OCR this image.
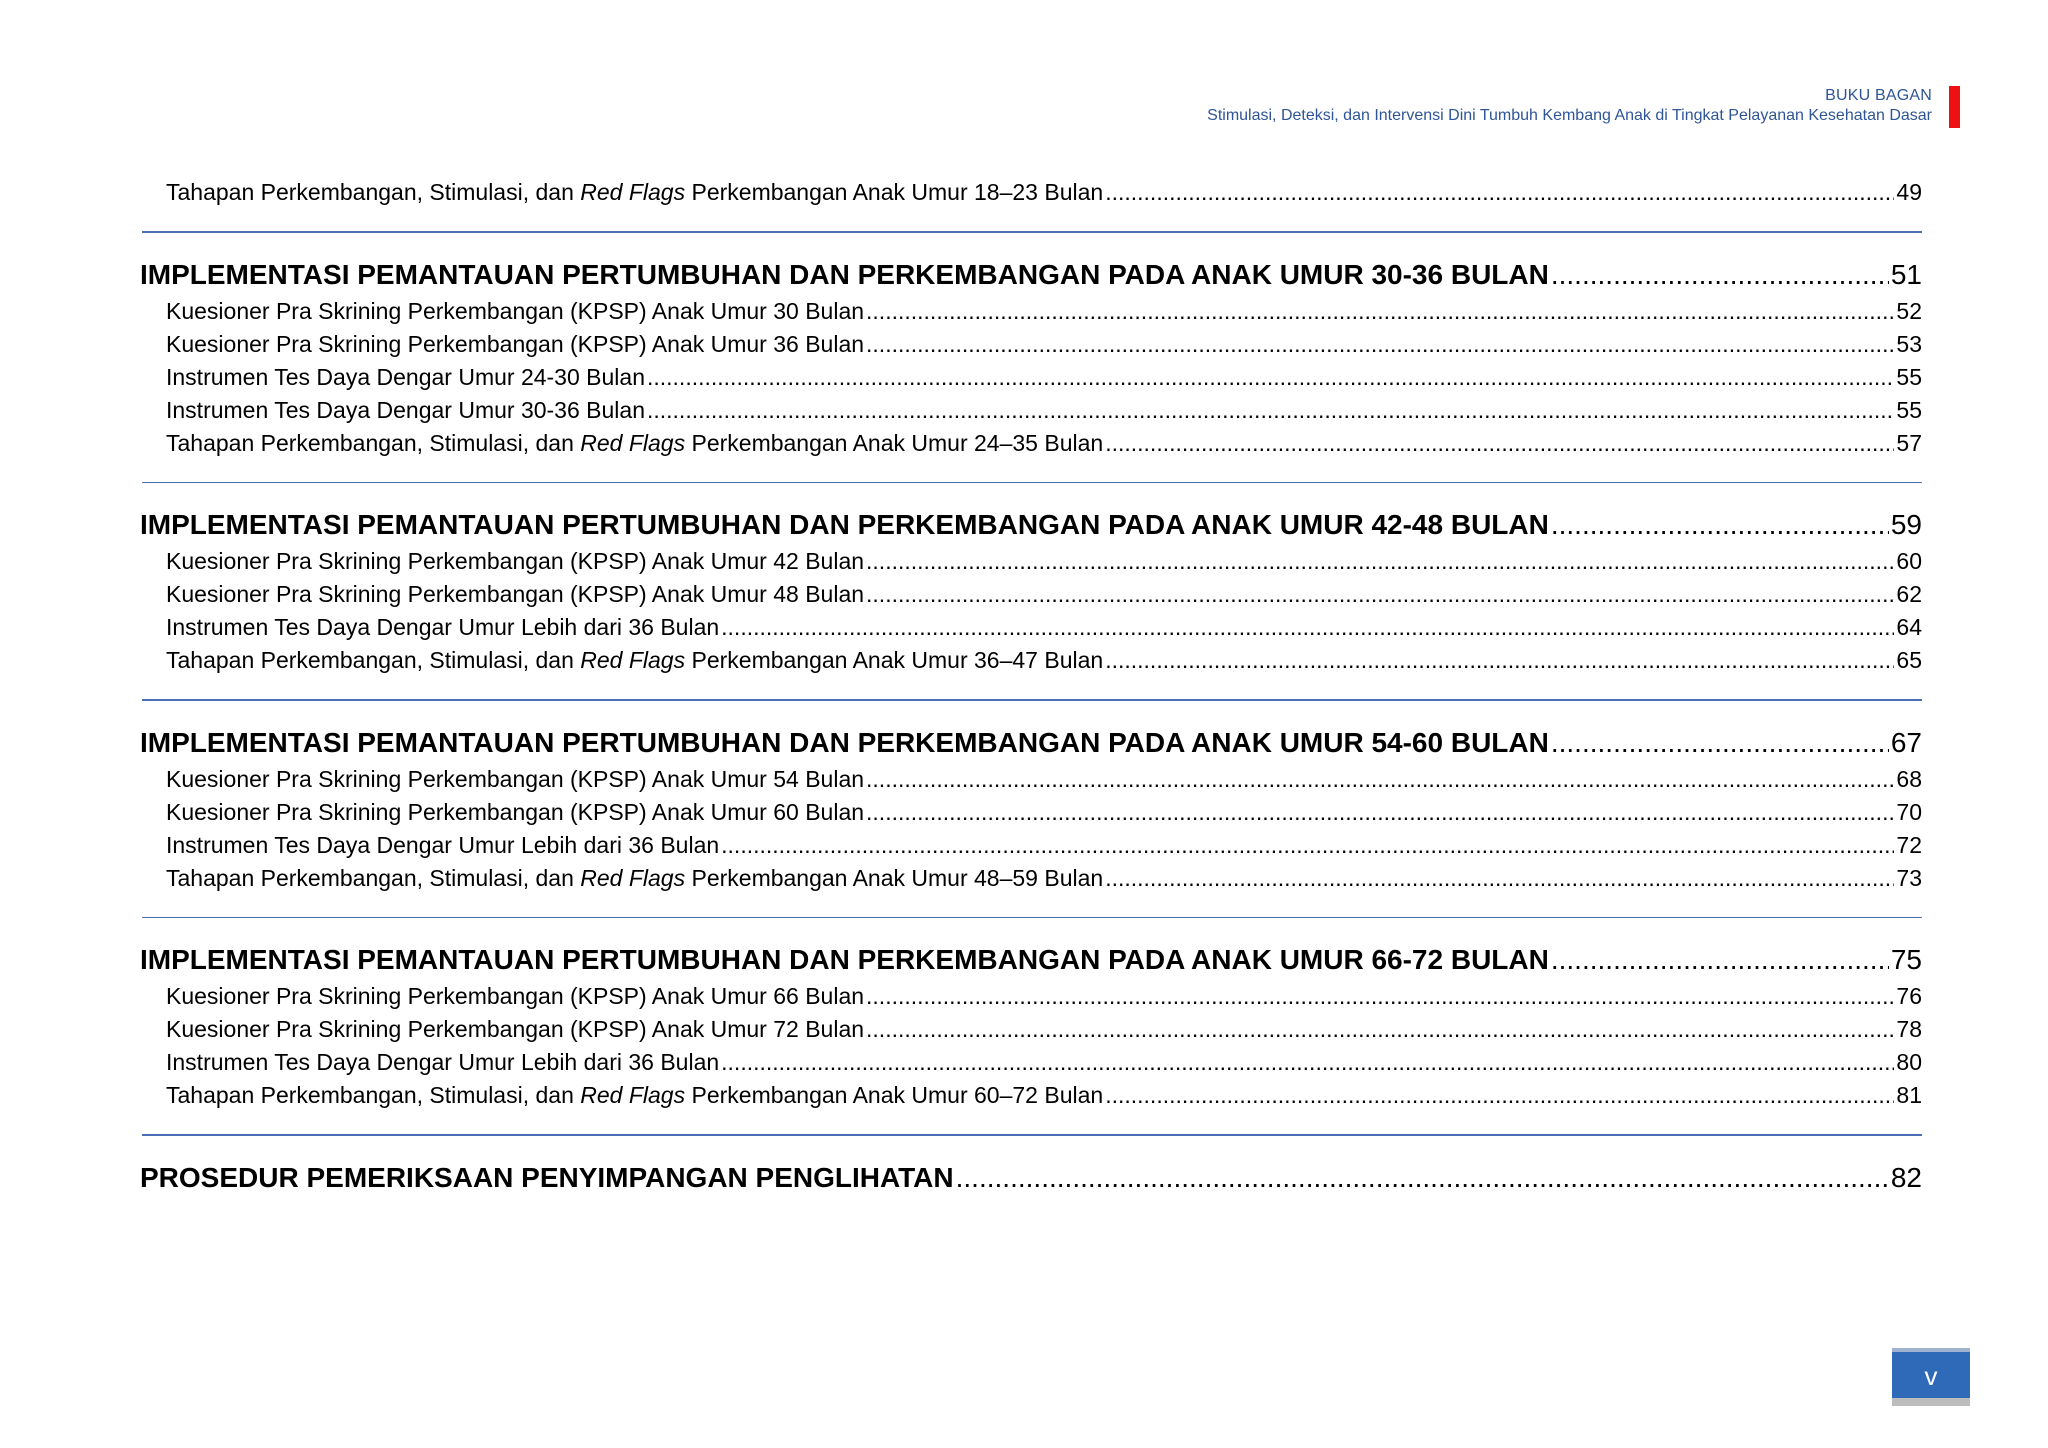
BUKU BAGAN
Stimulasi, Deteksi, dan Intervensi Dini Tumbuh Kembang Anak di Tingkat Pelayanan Kesehatan Dasar
Tahapan Perkembangan, Stimulasi, dan Red Flags Perkembangan Anak Umur 18–23 Bulan .....	49
IMPLEMENTASI PEMANTAUAN PERTUMBUHAN DAN PERKEMBANGAN PADA ANAK UMUR 30-36 BULAN .....	51
Kuesioner Pra Skrining Perkembangan (KPSP) Anak Umur 30 Bulan .....	52
Kuesioner Pra Skrining Perkembangan (KPSP) Anak Umur 36 Bulan .....	53
Instrumen Tes Daya Dengar Umur 24-30 Bulan .....	55
Instrumen Tes Daya Dengar Umur 30-36 Bulan .....	55
Tahapan Perkembangan, Stimulasi, dan Red Flags Perkembangan Anak Umur 24–35 Bulan .....	57
IMPLEMENTASI PEMANTAUAN PERTUMBUHAN DAN PERKEMBANGAN PADA ANAK UMUR 42-48 BULAN .....	59
Kuesioner Pra Skrining Perkembangan (KPSP) Anak Umur 42 Bulan .....	60
Kuesioner Pra Skrining Perkembangan (KPSP) Anak Umur 48 Bulan .....	62
Instrumen Tes Daya Dengar Umur Lebih dari 36 Bulan .....	64
Tahapan Perkembangan, Stimulasi, dan Red Flags Perkembangan Anak Umur 36–47 Bulan .....	65
IMPLEMENTASI PEMANTAUAN PERTUMBUHAN DAN PERKEMBANGAN PADA ANAK UMUR 54-60 BULAN .....	67
Kuesioner Pra Skrining Perkembangan (KPSP) Anak Umur 54 Bulan .....	68
Kuesioner Pra Skrining Perkembangan (KPSP) Anak Umur 60 Bulan .....	70
Instrumen Tes Daya Dengar Umur Lebih dari 36 Bulan .....	72
Tahapan Perkembangan, Stimulasi, dan Red Flags Perkembangan Anak Umur 48–59 Bulan .....	73
IMPLEMENTASI PEMANTAUAN PERTUMBUHAN DAN PERKEMBANGAN PADA ANAK UMUR 66-72 BULAN .....	75
Kuesioner Pra Skrining Perkembangan (KPSP) Anak Umur 66 Bulan .....	76
Kuesioner Pra Skrining Perkembangan (KPSP) Anak Umur 72 Bulan .....	78
Instrumen Tes Daya Dengar Umur Lebih dari 36 Bulan .....	80
Tahapan Perkembangan, Stimulasi, dan Red Flags Perkembangan Anak Umur 60–72 Bulan .....	81
PROSEDUR PEMERIKSAAN PENYIMPANGAN PENGLIHATAN .....	82
v
